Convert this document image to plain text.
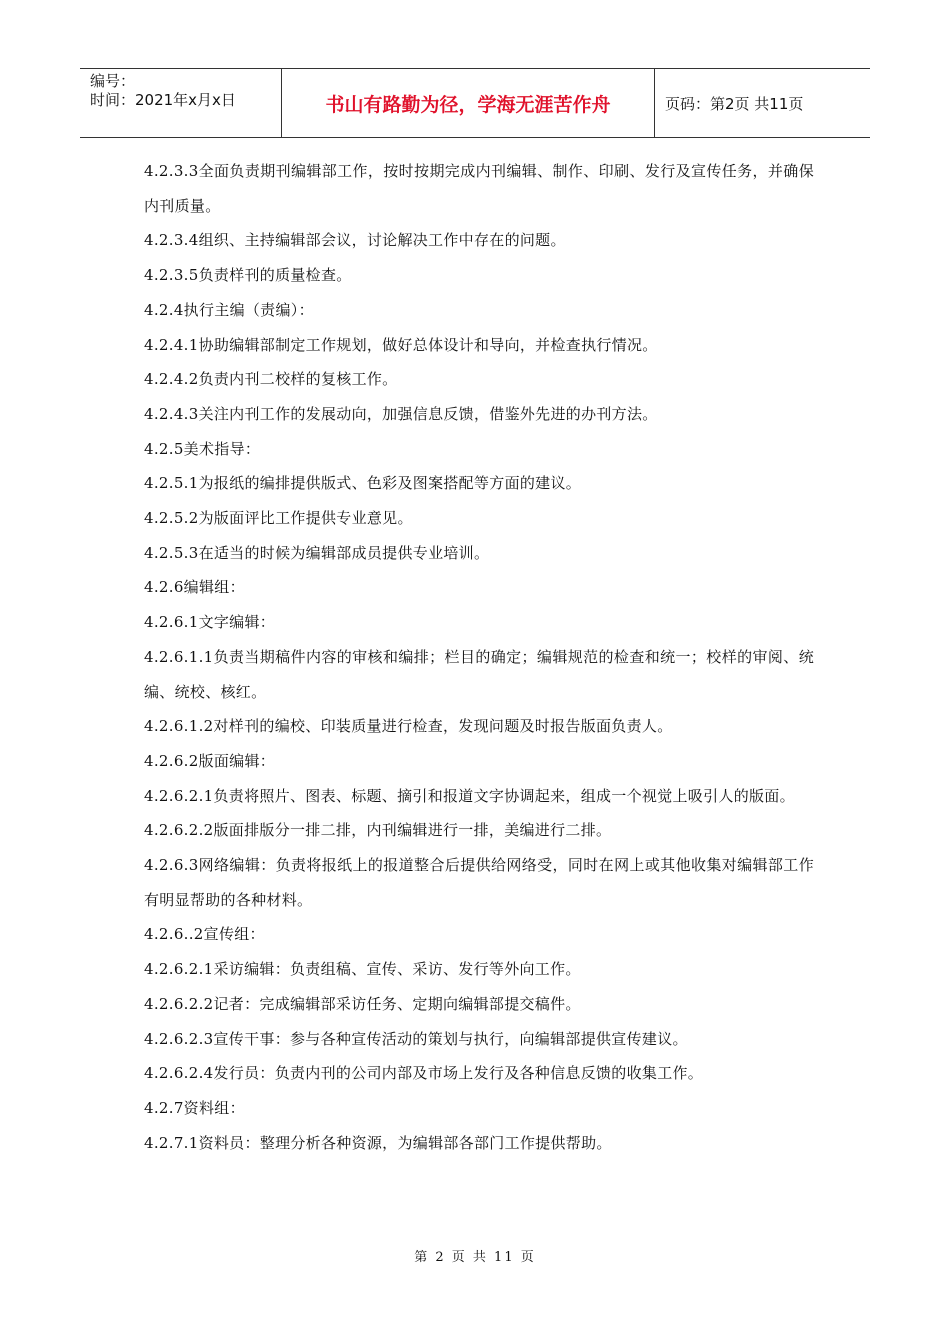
编号：
时间：2021年x月x日	书山有路勤为径，学海无涯苦作舟	页码：第2页 共11页

4.2.3.3全面负责期刊编辑部工作，按时按期完成内刊编辑、制作、印刷、发行及宣传任务，并确保内刊质量。

4.2.3.4组织、主持编辑部会议，讨论解决工作中存在的问题。

4.2.3.5负责样刊的质量检查。

4.2.4执行主编（责编）：

4.2.4.1协助编辑部制定工作规划，做好总体设计和导向，并检查执行情况。

4.2.4.2负责内刊二校样的复核工作。

4.2.4.3关注内刊工作的发展动向，加强信息反馈，借鉴外先进的办刊方法。

4.2.5美术指导：

4.2.5.1为报纸的编排提供版式、色彩及图案搭配等方面的建议。

4.2.5.2为版面评比工作提供专业意见。

4.2.5.3在适当的时候为编辑部成员提供专业培训。

4.2.6编辑组：

4.2.6.1文字编辑：

4.2.6.1.1负责当期稿件内容的审核和编排；栏目的确定；编辑规范的检查和统一；校样的审阅、统编、统校、核红。

4.2.6.1.2对样刊的编校、印装质量进行检查，发现问题及时报告版面负责人。

4.2.6.2版面编辑：

4.2.6.2.1负责将照片、图表、标题、摘引和报道文字协调起来，组成一个视觉上吸引人的版面。

4.2.6.2.2版面排版分一排二排，内刊编辑进行一排，美编进行二排。

4.2.6.3网络编辑：负责将报纸上的报道整合后提供给网络受，同时在网上或其他收集对编辑部工作有明显帮助的各种材料。

4.2.6..2宣传组：

4.2.6.2.1采访编辑：负责组稿、宣传、采访、发行等外向工作。

4.2.6.2.2记者：完成编辑部采访任务、定期向编辑部提交稿件。

4.2.6.2.3宣传干事：参与各种宣传活动的策划与执行，向编辑部提供宣传建议。

4.2.6.2.4发行员：负责内刊的公司内部及市场上发行及各种信息反馈的收集工作。

4.2.7资料组：

4.2.7.1资料员：整理分析各种资源，为编辑部各部门工作提供帮助。

第 2 页 共 11 页
